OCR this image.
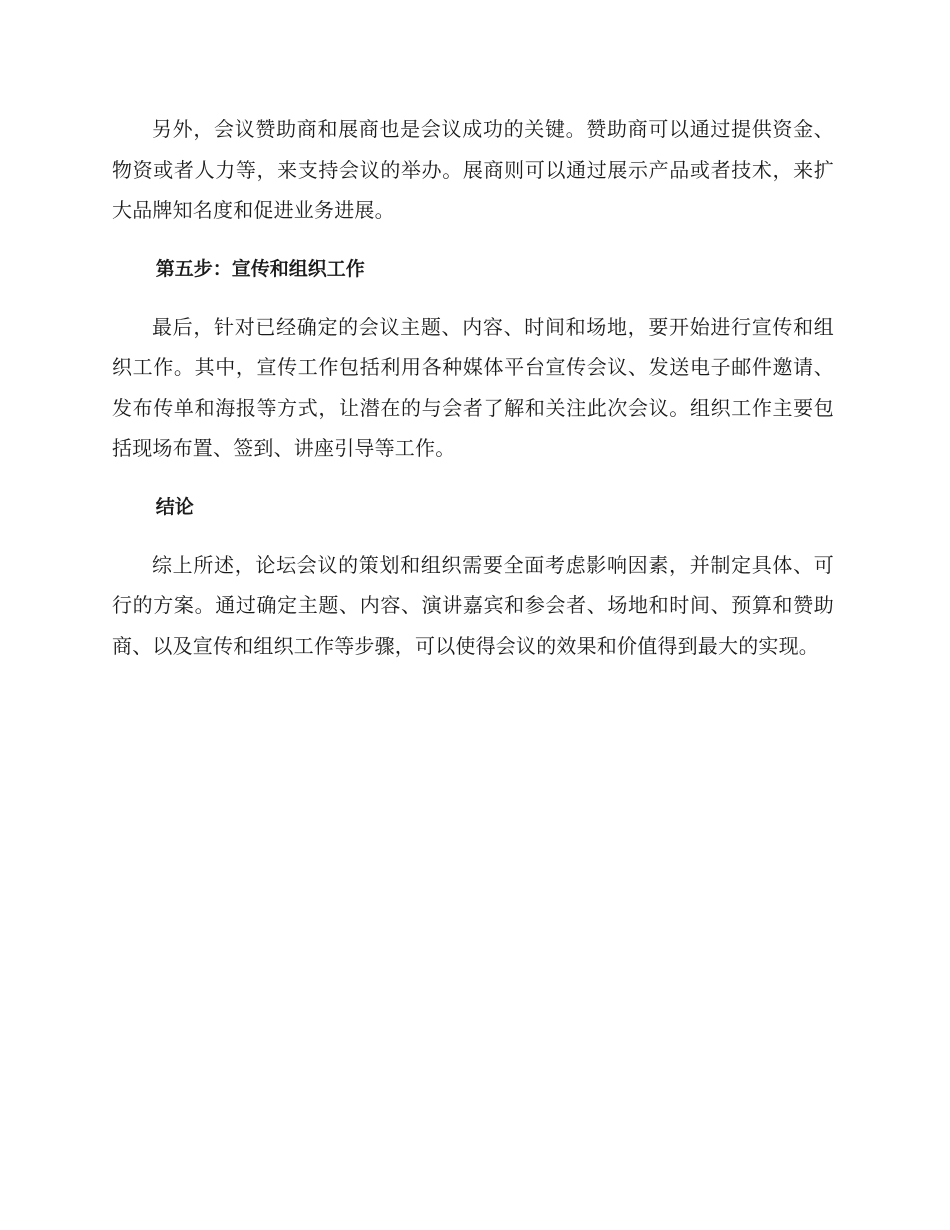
另外，会议赞助商和展商也是会议成功的关键。赞助商可以通过提供资金、物资或者人力等，来支持会议的举办。展商则可以通过展示产品或者技术，来扩大品牌知名度和促进业务进展。

第五步：宣传和组织工作

最后，针对已经确定的会议主题、内容、时间和场地，要开始进行宣传和组织工作。其中，宣传工作包括利用各种媒体平台宣传会议、发送电子邮件邀请、发布传单和海报等方式，让潜在的与会者了解和关注此次会议。组织工作主要包括现场布置、签到、讲座引导等工作。

结论

综上所述，论坛会议的策划和组织需要全面考虑影响因素，并制定具体、可行的方案。通过确定主题、内容、演讲嘉宾和参会者、场地和时间、预算和赞助商、以及宣传和组织工作等步骤，可以使得会议的效果和价值得到最大的实现。
